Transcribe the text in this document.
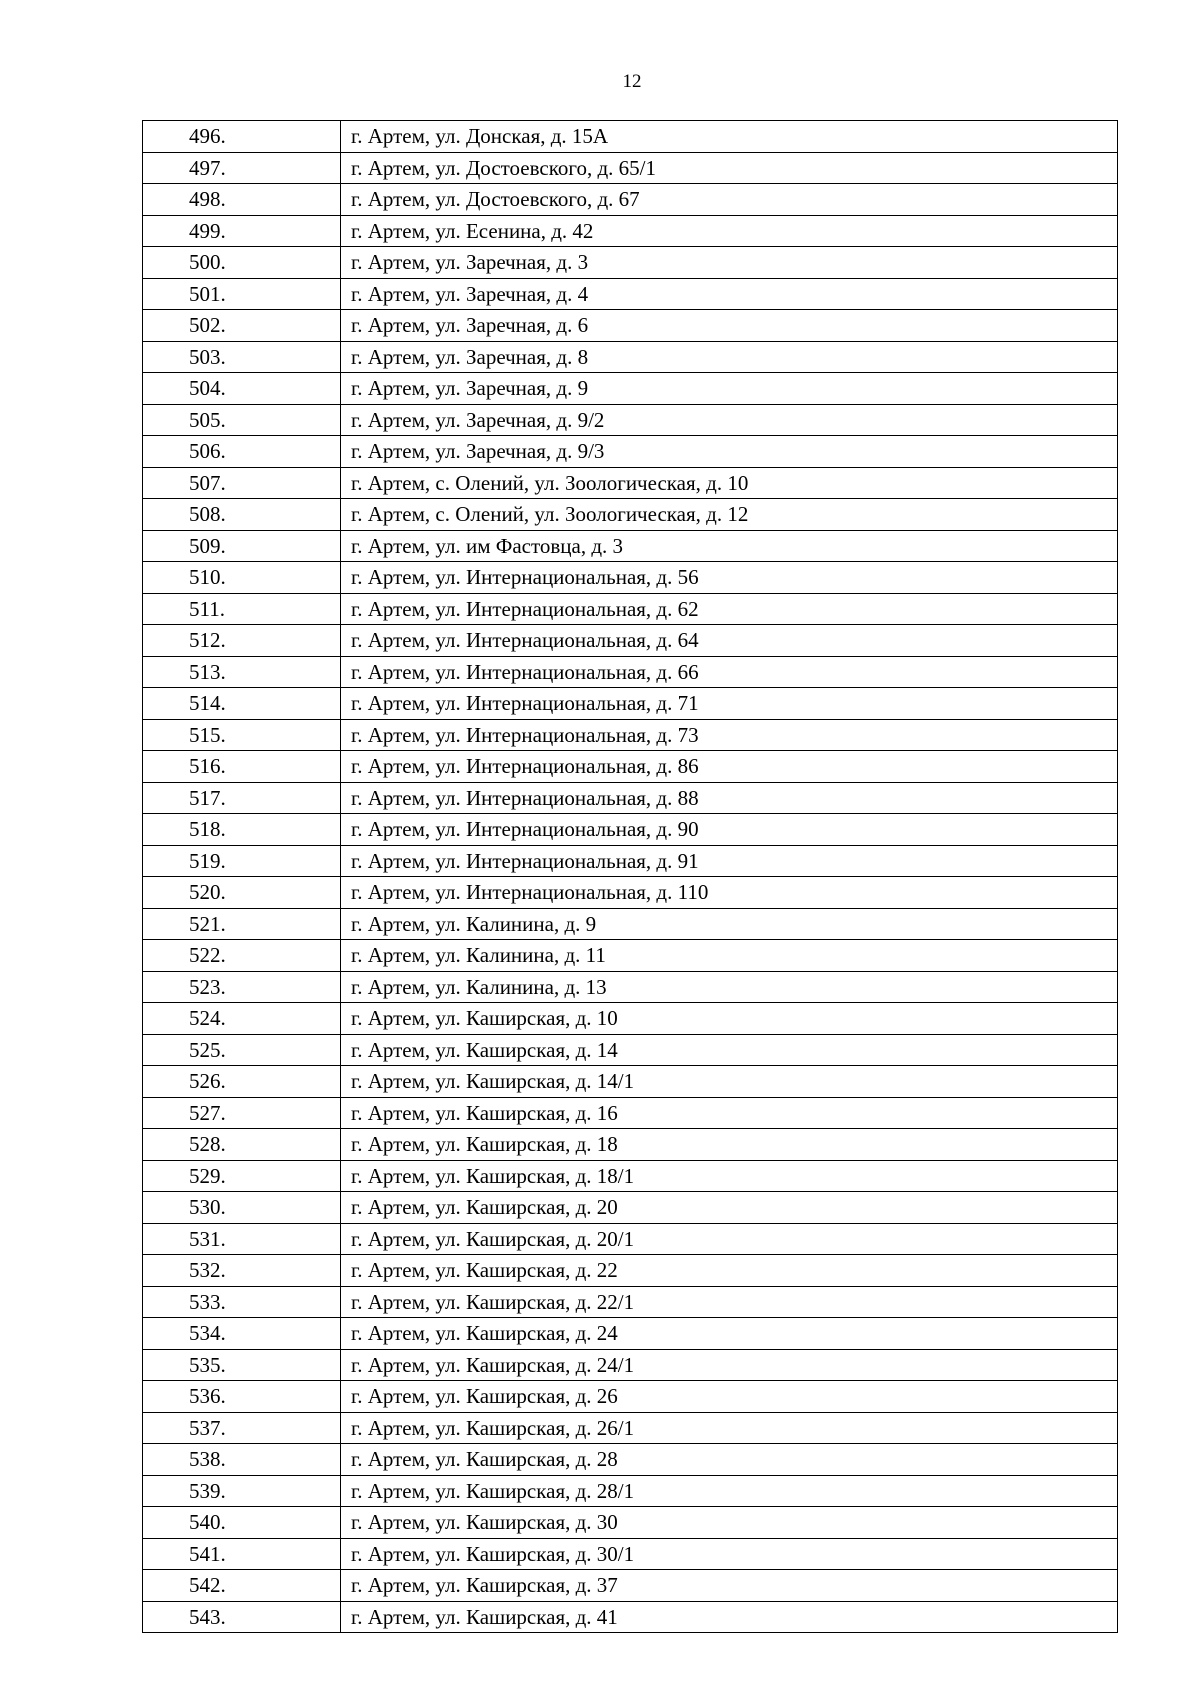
12
496.	г. Артем, ул. Донская, д. 15А
497.	г. Артем, ул. Достоевского, д. 65/1
498.	г. Артем, ул. Достоевского, д. 67
499.	г. Артем, ул. Есенина, д. 42
500.	г. Артем, ул. Заречная, д. 3
501.	г. Артем, ул. Заречная, д. 4
502.	г. Артем, ул. Заречная, д. 6
503.	г. Артем, ул. Заречная, д. 8
504.	г. Артем, ул. Заречная, д. 9
505.	г. Артем, ул. Заречная, д. 9/2
506.	г. Артем, ул. Заречная, д. 9/3
507.	г. Артем, с. Олений, ул. Зоологическая, д. 10
508.	г. Артем, с. Олений, ул. Зоологическая, д. 12
509.	г. Артем, ул. им Фастовца, д. 3
510.	г. Артем, ул. Интернациональная, д. 56
511.	г. Артем, ул. Интернациональная, д. 62
512.	г. Артем, ул. Интернациональная, д. 64
513.	г. Артем, ул. Интернациональная, д. 66
514.	г. Артем, ул. Интернациональная, д. 71
515.	г. Артем, ул. Интернациональная, д. 73
516.	г. Артем, ул. Интернациональная, д. 86
517.	г. Артем, ул. Интернациональная, д. 88
518.	г. Артем, ул. Интернациональная, д. 90
519.	г. Артем, ул. Интернациональная, д. 91
520.	г. Артем, ул. Интернациональная, д. 110
521.	г. Артем, ул. Калинина, д. 9
522.	г. Артем, ул. Калинина, д. 11
523.	г. Артем, ул. Калинина, д. 13
524.	г. Артем, ул. Каширская, д. 10
525.	г. Артем, ул. Каширская, д. 14
526.	г. Артем, ул. Каширская, д. 14/1
527.	г. Артем, ул. Каширская, д. 16
528.	г. Артем, ул. Каширская, д. 18
529.	г. Артем, ул. Каширская, д. 18/1
530.	г. Артем, ул. Каширская, д. 20
531.	г. Артем, ул. Каширская, д. 20/1
532.	г. Артем, ул. Каширская, д. 22
533.	г. Артем, ул. Каширская, д. 22/1
534.	г. Артем, ул. Каширская, д. 24
535.	г. Артем, ул. Каширская, д. 24/1
536.	г. Артем, ул. Каширская, д. 26
537.	г. Артем, ул. Каширская, д. 26/1
538.	г. Артем, ул. Каширская, д. 28
539.	г. Артем, ул. Каширская, д. 28/1
540.	г. Артем, ул. Каширская, д. 30
541.	г. Артем, ул. Каширская, д. 30/1
542.	г. Артем, ул. Каширская, д. 37
543.	г. Артем, ул. Каширская, д. 41
